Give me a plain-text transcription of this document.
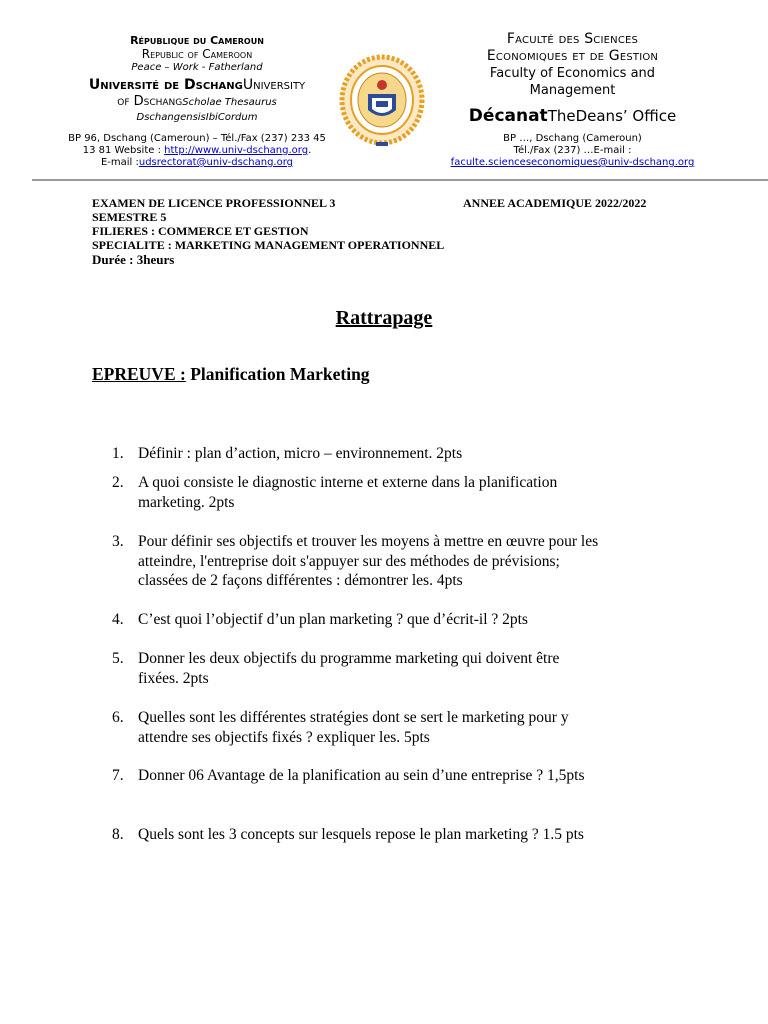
République du Cameroun
Republic of Cameroon
Peace – Work - Fatherland
Université de DschangUniversity
of DschangScholae Thesaurus
DschangensisIbiCordum
BP 96, Dschang (Cameroun) – Tél./Fax (237) 233 45
13 81 Website : http://www.univ-dschang.org.
E-mail :udsrectorat@univ-dschang.org
Faculté des Sciences
Economiques et de Gestion
Faculty of Economics and
Management
DécanatTheDeans’ Office
BP …, Dschang (Cameroun)
Tél./Fax (237) …E-mail :
faculte.scienceseconomiques@univ-dschang.org
EXAMEN DE LICENCE PROFESSIONNEL 3
SEMESTRE 5
FILIERES : COMMERCE ET GESTION
SPECIALITE : MARKETING MANAGEMENT OPERATIONNEL
Durée : 3heurs
ANNEE ACADEMIQUE 2022/2022
Rattrapage
EPREUVE : Planification Marketing
1. Définir : plan d’action, micro – environnement. 2pts
2. A quoi consiste le diagnostic interne et externe dans la planification
marketing. 2pts
3. Pour définir ses objectifs et trouver les moyens à mettre en œuvre pour les
atteindre, l'entreprise doit s'appuyer sur des méthodes de prévisions;
classées de 2 façons différentes : démontrer les. 4pts
4. C’est quoi l’objectif d’un plan marketing ? que d’écrit-il ? 2pts
5. Donner les deux objectifs du programme marketing qui doivent être
fixées. 2pts
6. Quelles sont les différentes stratégies dont se sert le marketing pour y
attendre ses objectifs fixés ? expliquer les. 5pts
7. Donner 06 Avantage de la planification au sein d’une entreprise ? 1,5pts
8. Quels sont les 3 concepts sur lesquels repose le plan marketing ? 1.5 pts
